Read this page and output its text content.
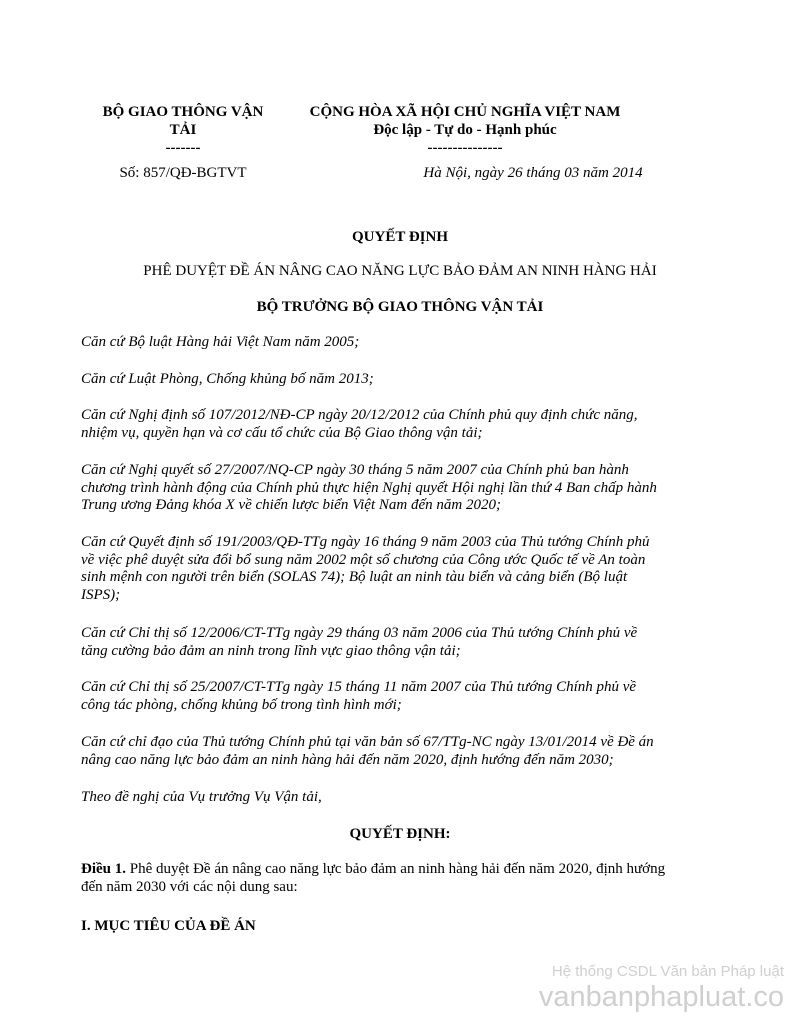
BỘ GIAO THÔNG VẬN
TẢI
-------
CỘNG HÒA XÃ HỘI CHỦ NGHĨA VIỆT NAM
Độc lập - Tự do - Hạnh phúc
---------------
Số: 857/QĐ-BGTVT	Hà Nội, ngày 26 tháng 03 năm 2014
QUYẾT ĐỊNH
PHÊ DUYỆT ĐỀ ÁN NÂNG CAO NĂNG LỰC BẢO ĐẢM AN NINH HÀNG HẢI
BỘ TRƯỞNG BỘ GIAO THÔNG VẬN TẢI
Căn cứ Bộ luật Hàng hải Việt Nam năm 2005;
Căn cứ Luật Phòng, Chống khủng bố năm 2013;
Căn cứ Nghị định số 107/2012/NĐ-CP ngày 20/12/2012 của Chính phủ quy định chức năng,
nhiệm vụ, quyền hạn và cơ cấu tổ chức của Bộ Giao thông vận tải;
Căn cứ Nghị quyết số 27/2007/NQ-CP ngày 30 tháng 5 năm 2007 của Chính phủ ban hành
chương trình hành động của Chính phủ thực hiện Nghị quyết Hội nghị lần thứ 4 Ban chấp hành
Trung ương Đảng khóa X về chiến lược biển Việt Nam đến năm 2020;
Căn cứ Quyết định số 191/2003/QĐ-TTg ngày 16 tháng 9 năm 2003 của Thủ tướng Chính phủ
về việc phê duyệt sửa đổi bổ sung năm 2002 một số chương của Công ước Quốc tế về An toàn
sinh mệnh con người trên biển (SOLAS 74); Bộ luật an ninh tàu biển và cảng biển (Bộ luật
ISPS);
Căn cứ Chỉ thị số 12/2006/CT-TTg ngày 29 tháng 03 năm 2006 của Thủ tướng Chính phủ về
tăng cường bảo đảm an ninh trong lĩnh vực giao thông vận tải;
Căn cứ Chỉ thị số 25/2007/CT-TTg ngày 15 tháng 11 năm 2007 của Thủ tướng Chính phủ về
công tác phòng, chống khủng bố trong tình hình mới;
Căn cứ chỉ đạo của Thủ tướng Chính phủ tại văn bản số 67/TTg-NC ngày 13/01/2014 về Đề án
nâng cao năng lực bảo đảm an ninh hàng hải đến năm 2020, định hướng đến năm 2030;
Theo đề nghị của Vụ trưởng Vụ Vận tải,
QUYẾT ĐỊNH:
Điều 1. Phê duyệt Đề án nâng cao năng lực bảo đảm an ninh hàng hải đến năm 2020, định hướng
đến năm 2030 với các nội dung sau:
I. MỤC TIÊU CỦA ĐỀ ÁN
Hệ thống CSDL Văn bản Pháp luật
vanbanphapluat.co
